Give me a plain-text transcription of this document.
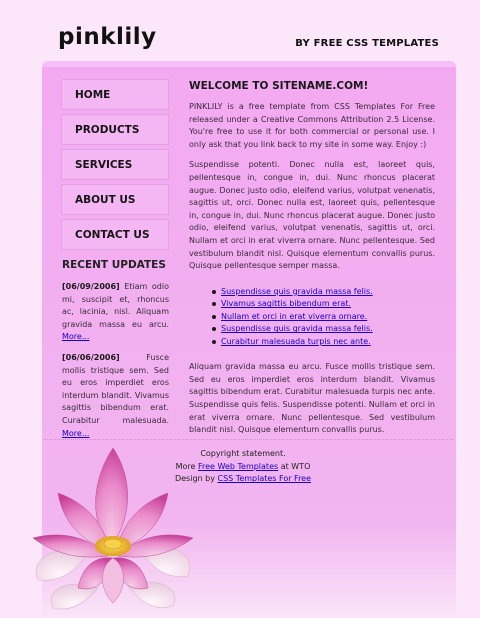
pinklily	BY FREE CSS TEMPLATES
HOME
PRODUCTS
SERVICES
ABOUT US
CONTACT US
RECENT UPDATES
[06/09/2006] Etiam odio mi, suscipit et, rhoncus ac, lacinia, nisl. Aliquam gravida massa eu arcu. More...
[06/06/2006] Fusce mollis tristique sem. Sed eu eros imperdiet eros interdum blandit. Vivamus sagittis bibendum erat. Curabitur malesuada. More...
WELCOME TO SITENAME.COM!

PINKLILY is a free template from CSS Templates For Free released under a Creative Commons Attribution 2.5 License. You're free to use it for both commercial or personal use. I only ask that you link back to my site in some way. Enjoy :)

Suspendisse potenti. Donec nulla est, laoreet quis, pellentesque in, congue in, dui. Nunc rhoncus placerat augue. Donec justo odio, eleifend varius, volutpat venenatis, sagittis ut, orci. Donec nulla est, laoreet quis, pellentesque in, congue in, dui. Nunc rhoncus placerat augue. Donec justo odio, eleifend varius, volutpat venenatis, sagittis ut, orci. Nullam et orci in erat viverra ornare. Nunc pellentesque. Sed vestibulum blandit nisl. Quisque elementum convallis purus. Quisque pellentesque semper massa.

Suspendisse quis gravida massa felis.
Vivamus sagittis bibendum erat.
Nullam et orci in erat viverra ornare.
Suspendisse quis gravida massa felis.
Curabitur malesuada turpis nec ante.

Aliquam gravida massa eu arcu. Fusce mollis tristique sem. Sed eu eros imperdiet eros interdum blandit. Vivamus sagittis bibendum erat. Curabitur malesuada turpis nec ante. Suspendisse quis felis. Suspendisse potenti. Nullam et orci in erat viverra ornare. Nunc pellentesque. Sed vestibulum blandit nisl. Quisque elementum convallis purus.

Copyright statement.
More Free Web Templates at WTO
Design by CSS Templates For Free
